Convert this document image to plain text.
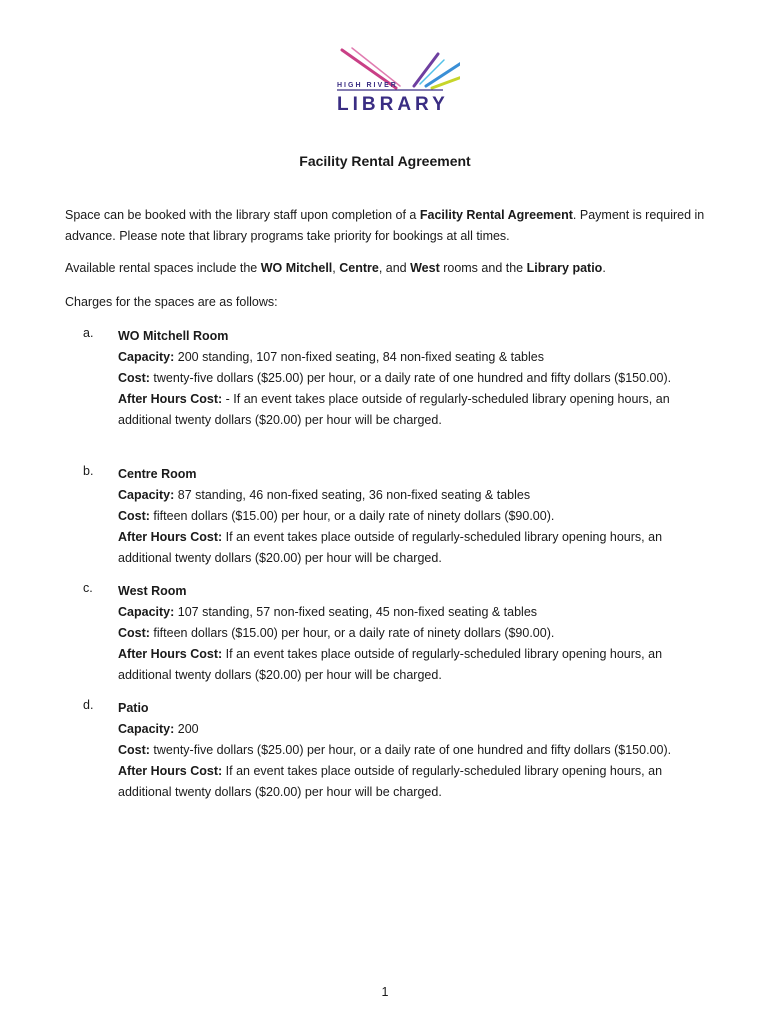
HIGH RIVER
LIBRARY
Facility Rental Agreement
Space can be booked with the library staff upon completion of a Facility Rental Agreement. Payment is required in advance. Please note that library programs take priority for bookings at all times.
Available rental spaces include the WO Mitchell, Centre, and West rooms and the Library patio.
Charges for the spaces are as follows:
a. WO Mitchell Room
Capacity: 200 standing, 107 non-fixed seating, 84 non-fixed seating & tables
Cost: twenty-five dollars ($25.00) per hour, or a daily rate of one hundred and fifty dollars ($150.00).
After Hours Cost: - If an event takes place outside of regularly-scheduled library opening hours, an additional twenty dollars ($20.00) per hour will be charged.
b. Centre Room
Capacity: 87 standing, 46 non-fixed seating, 36 non-fixed seating & tables
Cost: fifteen dollars ($15.00) per hour, or a daily rate of ninety dollars ($90.00).
After Hours Cost: If an event takes place outside of regularly-scheduled library opening hours, an additional twenty dollars ($20.00) per hour will be charged.
c. West Room
Capacity: 107 standing, 57 non-fixed seating, 45 non-fixed seating & tables
Cost: fifteen dollars ($15.00) per hour, or a daily rate of ninety dollars ($90.00).
After Hours Cost: If an event takes place outside of regularly-scheduled library opening hours, an additional twenty dollars ($20.00) per hour will be charged.
d. Patio
Capacity: 200
Cost: twenty-five dollars ($25.00) per hour, or a daily rate of one hundred and fifty dollars ($150.00).
After Hours Cost: If an event takes place outside of regularly-scheduled library opening hours, an additional twenty dollars ($20.00) per hour will be charged.
1
